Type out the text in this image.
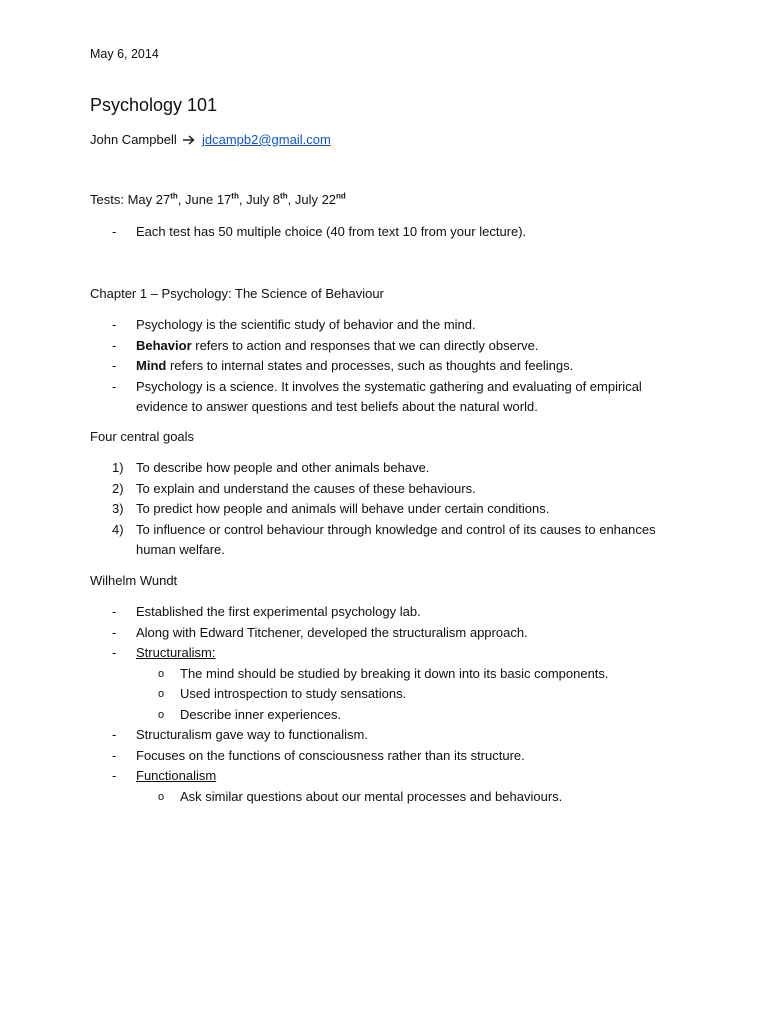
May 6, 2014
Psychology 101
John Campbell jdcampb2@gmail.com
Tests: May 27th, June 17th, July 8th, July 22nd
- Each test has 50 multiple choice (40 from text 10 from your lecture).
Chapter 1 – Psychology: The Science of Behaviour
- Psychology is the scientific study of behavior and the mind.
- Behavior refers to action and responses that we can directly observe.
- Mind refers to internal states and processes, such as thoughts and feelings.
- Psychology is a science. It involves the systematic gathering and evaluating of empirical evidence to answer questions and test beliefs about the natural world.
Four central goals
1) To describe how people and other animals behave.
2) To explain and understand the causes of these behaviours.
3) To predict how people and animals will behave under certain conditions.
4) To influence or control behaviour through knowledge and control of its causes to enhances human welfare.
Wilhelm Wundt
- Established the first experimental psychology lab.
- Along with Edward Titchener, developed the structuralism approach.
- Structuralism:
o The mind should be studied by breaking it down into its basic components.
o Used introspection to study sensations.
o Describe inner experiences.
- Structuralism gave way to functionalism.
- Focuses on the functions of consciousness rather than its structure.
- Functionalism
o Ask similar questions about our mental processes and behaviours.
